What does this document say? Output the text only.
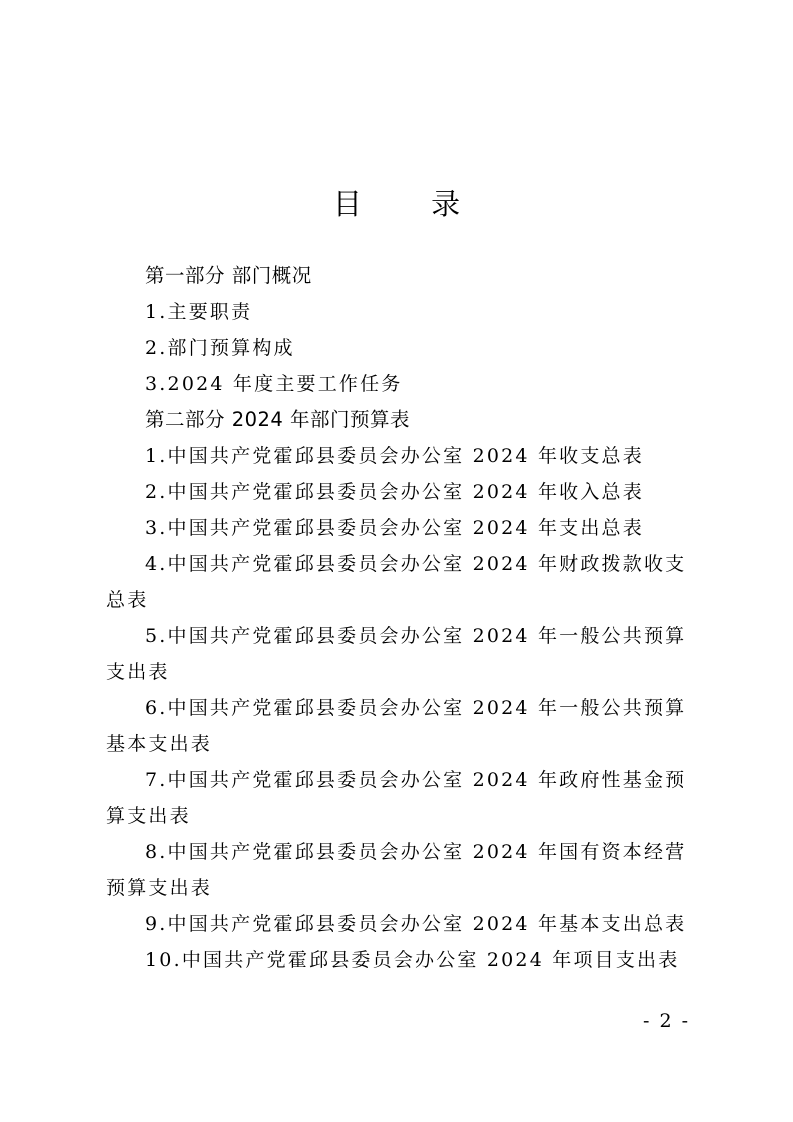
目 录

第一部分 部门概况

1.主要职责

2.部门预算构成

3.2024 年度主要工作任务

第二部分 2024 年部门预算表

1.中国共产党霍邱县委员会办公室 2024 年收支总表

2.中国共产党霍邱县委员会办公室 2024 年收入总表

3.中国共产党霍邱县委员会办公室 2024 年支出总表

4.中国共产党霍邱县委员会办公室 2024 年财政拨款收支总表

5.中国共产党霍邱县委员会办公室 2024 年一般公共预算支出表

6.中国共产党霍邱县委员会办公室 2024 年一般公共预算基本支出表

7.中国共产党霍邱县委员会办公室 2024 年政府性基金预算支出表

8.中国共产党霍邱县委员会办公室 2024 年国有资本经营预算支出表

9.中国共产党霍邱县委员会办公室 2024 年基本支出总表

10.中国共产党霍邱县委员会办公室 2024 年项目支出表

- 2 -
